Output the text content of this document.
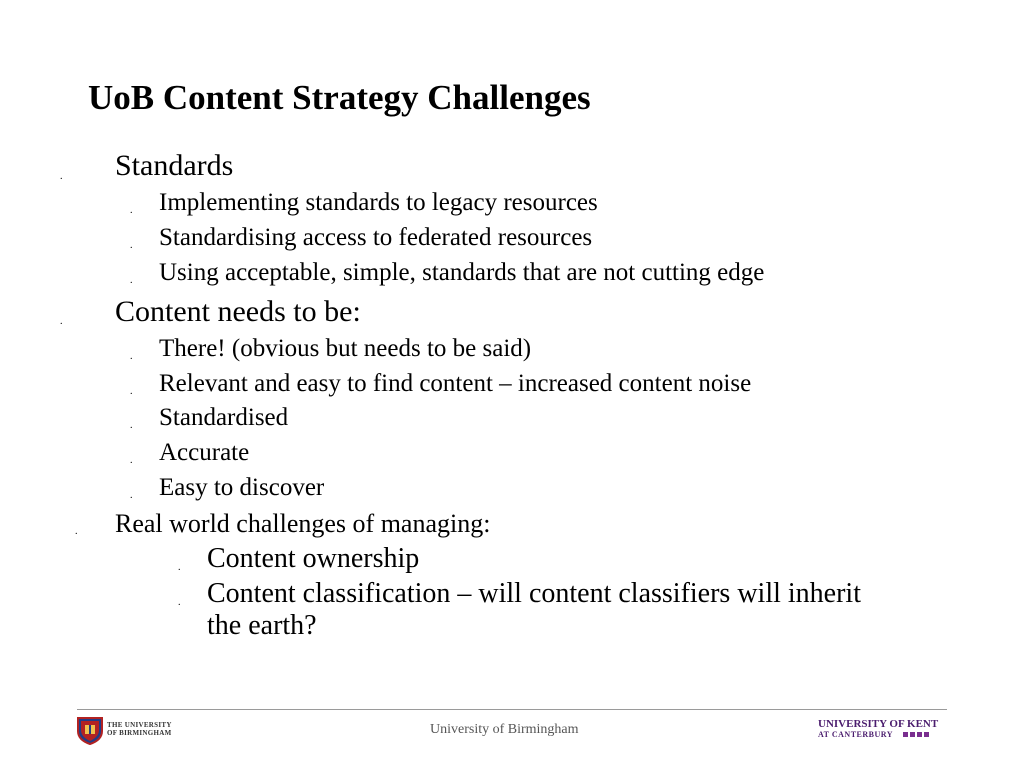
UoB Content Strategy Challenges
. Standards
. Implementing standards to legacy resources
. Standardising access to federated resources
. Using acceptable, simple, standards that are not cutting edge
. Content needs to be:
. There! (obvious but needs to be said)
. Relevant and easy to find content – increased content noise
. Standardised
. Accurate
. Easy to discover
. Real world challenges of managing:
. Content ownership
. Content classification – will content classifiers will inherit
the earth?
THE UNIVERSITY
OF BIRMINGHAM	University of Birmingham	UNIVERSITY OF KENT
AT CANTERBURY
